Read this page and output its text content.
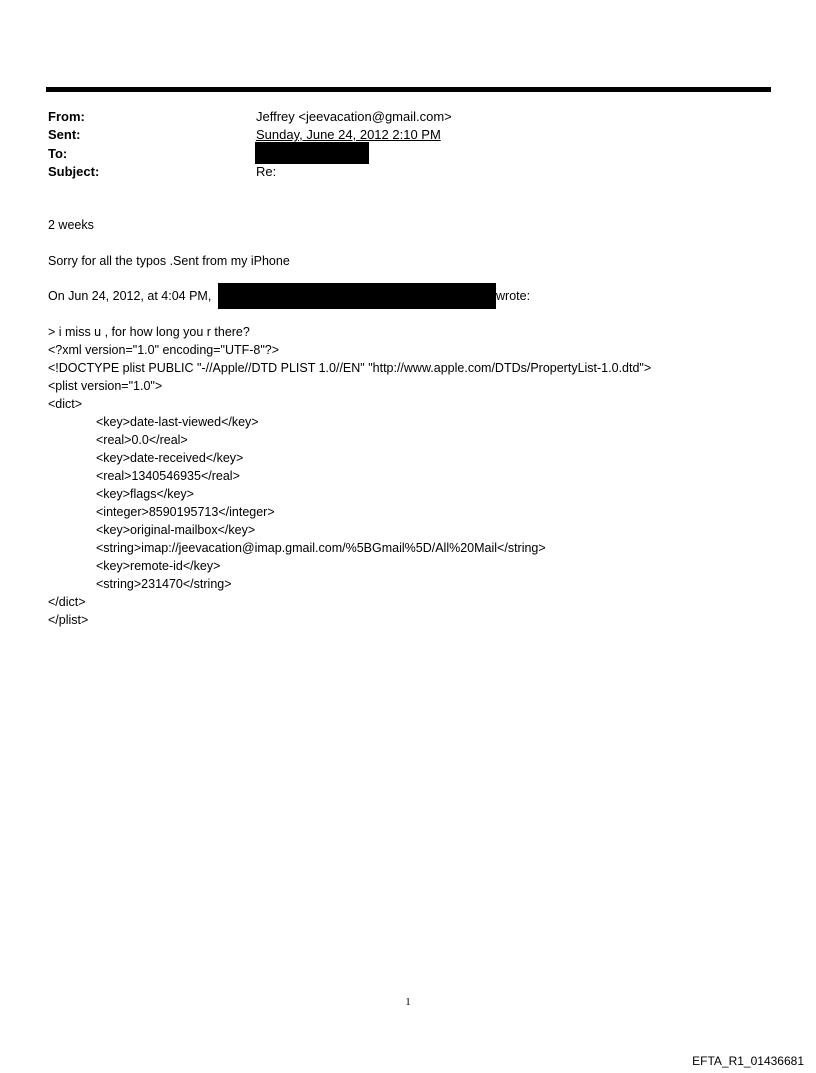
From:	Jeffrey <jeevacation@gmail.com>
Sent:	Sunday, June 24, 2012 2:10 PM
To:
Subject:	Re:
2 weeks
Sorry for all the typos .Sent from my iPhone
On Jun 24, 2012, at 4:04 PM,	wrote:
> i miss u , for how long you r there?
<?xml version="1.0" encoding="UTF-8"?>
<!DOCTYPE plist PUBLIC "-//Apple//DTD PLIST 1.0//EN" "http://www.apple.com/DTDs/PropertyList-1.0.dtd">
<plist version="1.0">
<dict>
<key>date-last-viewed</key>
<real>0.0</real>
<key>date-received</key>
<real>1340546935</real>
<key>flags</key>
<integer>8590195713</integer>
<key>original-mailbox</key>
<string>imap://jeevacation@imap.gmail.com/%5BGmail%5D/All%20Mail</string>
<key>remote-id</key>
<string>231470</string>
</dict>
</plist>
1
EFTA_R1_01436681
